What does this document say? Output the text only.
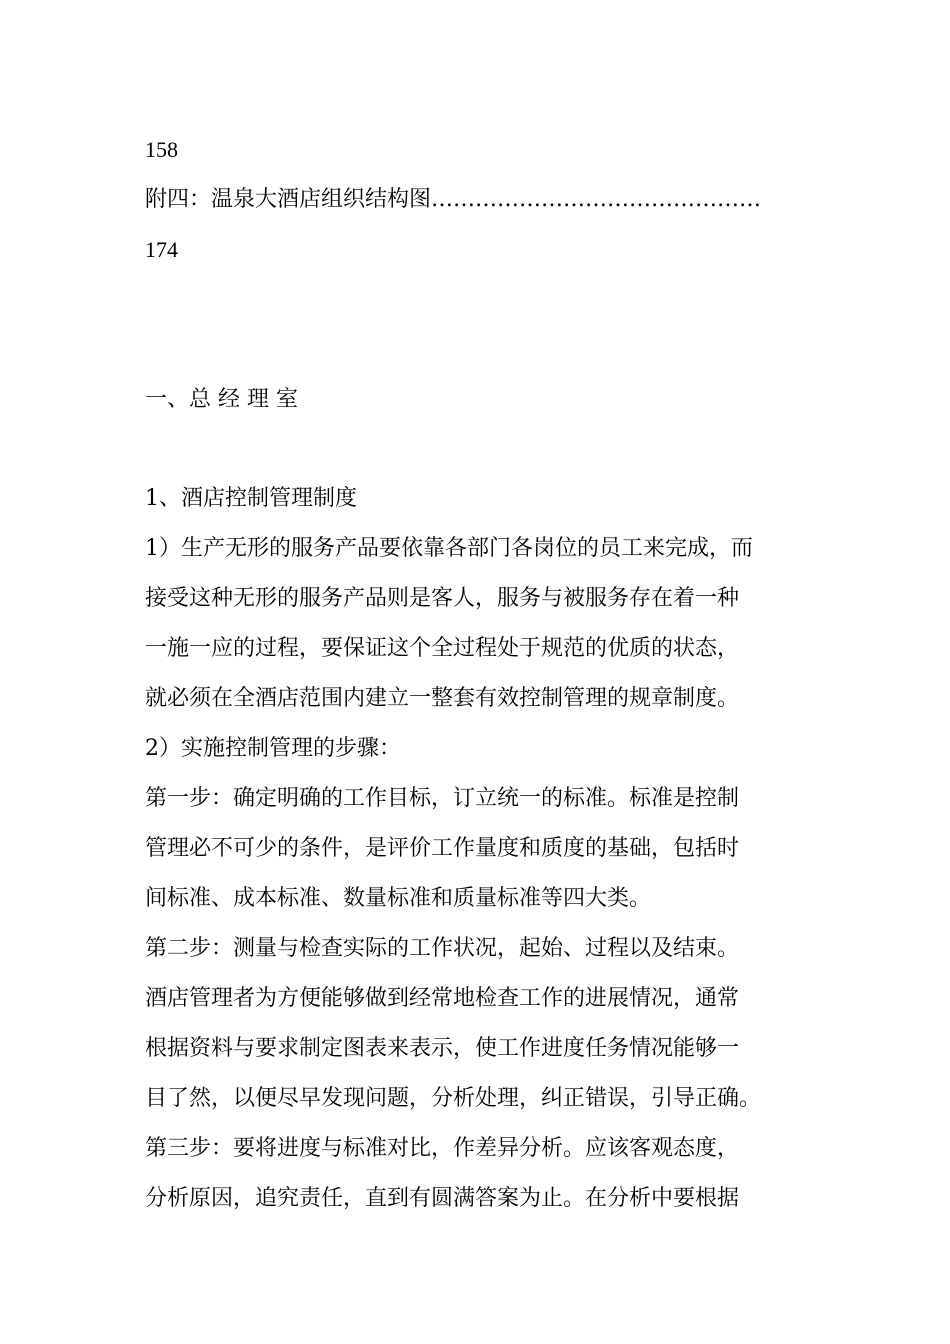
158
附四：温泉大酒店组织结构图………………………………………
174
一、总 经 理 室
1、酒店控制管理制度
1）生产无形的服务产品要依靠各部门各岗位的员工来完成，而
接受这种无形的服务产品则是客人，服务与被服务存在着一种
一施一应的过程，要保证这个全过程处于规范的优质的状态，
就必须在全酒店范围内建立一整套有效控制管理的规章制度。
2）实施控制管理的步骤：
第一步：确定明确的工作目标，订立统一的标准。标准是控制
管理必不可少的条件，是评价工作量度和质度的基础，包括时
间标准、成本标准、数量标准和质量标准等四大类。
第二步：测量与检查实际的工作状况，起始、过程以及结束。
酒店管理者为方便能够做到经常地检查工作的进展情况，通常
根据资料与要求制定图表来表示，使工作进度任务情况能够一
目了然，以便尽早发现问题，分析处理，纠正错误，引导正确。
第三步：要将进度与标准对比，作差异分析。应该客观态度，
分析原因，追究责任，直到有圆满答案为止。在分析中要根据
